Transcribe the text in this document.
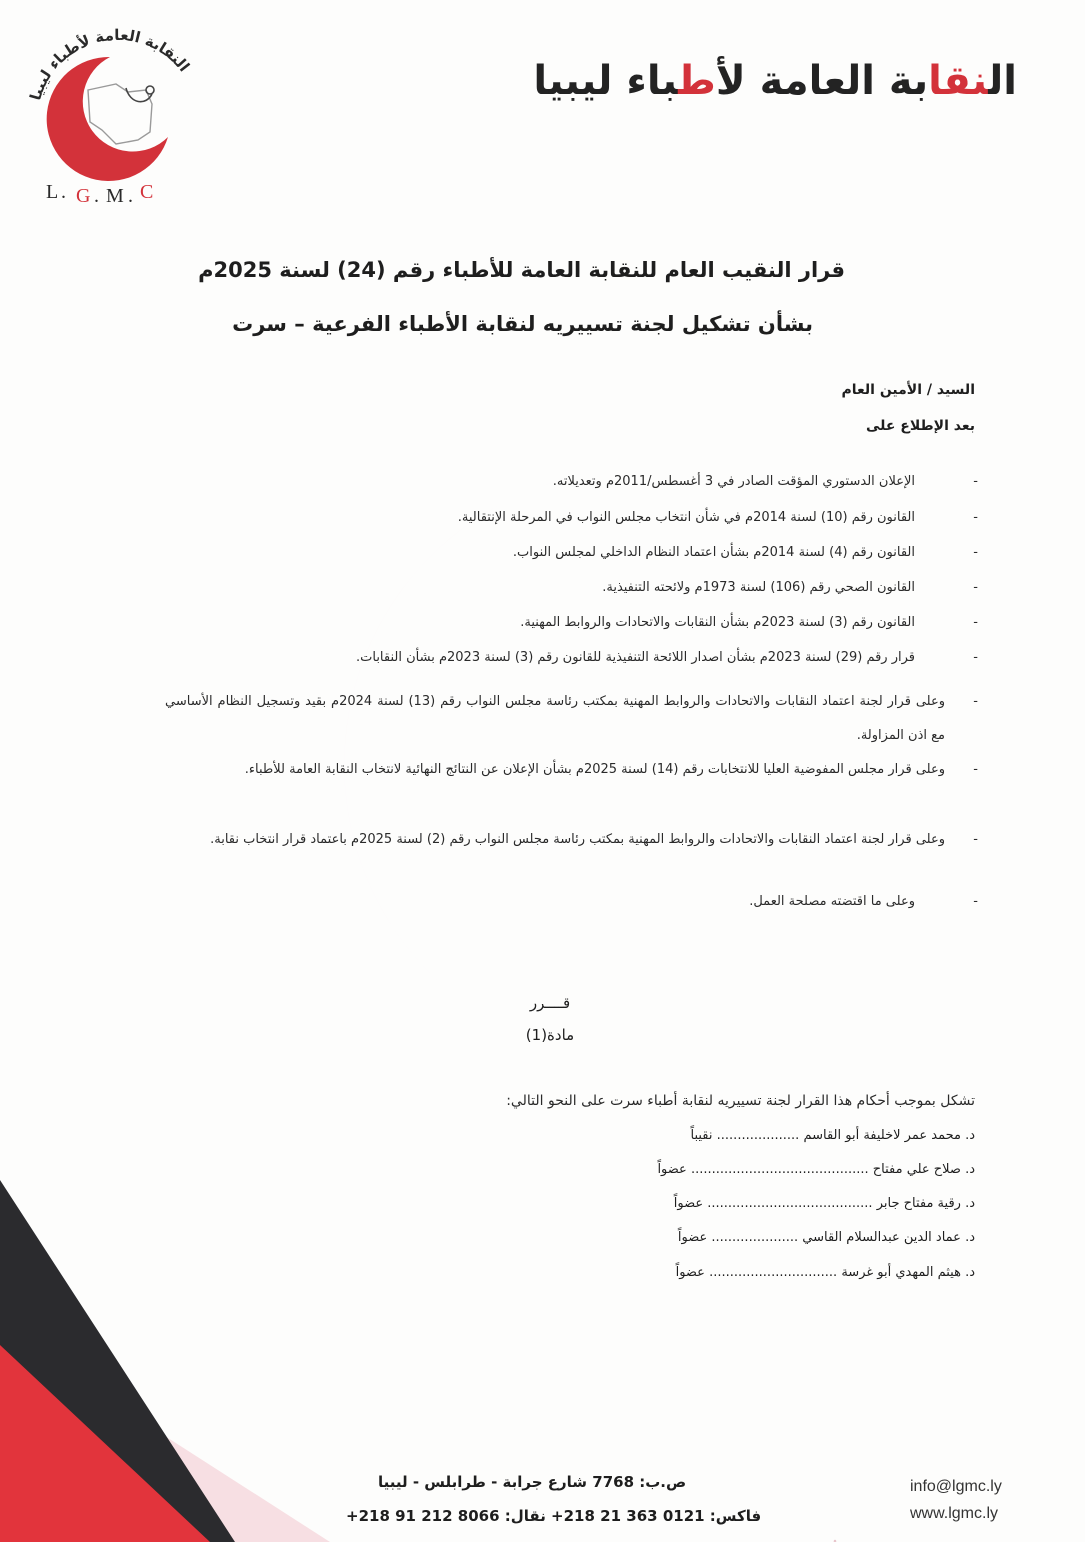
النقابة العامة لأطباء ليبيا
L . G . M . C
النقابة العامة لأطباء ليبيا
قرار النقيب العام للنقابة العامة للأطباء رقم (24) لسنة 2025م
بشأن تشكيل لجنة تسييريه لنقابة الأطباء الفرعية – سرت
السيد / الأمين العام
بعد الإطلاع على
-
الإعلان الدستوري المؤقت الصادر في 3 أغسطس/2011م وتعديلاته.
-
القانون رقم (10) لسنة 2014م في شأن انتخاب مجلس النواب في المرحلة الإنتقالية.
-
القانون رقم (4) لسنة 2014م بشأن اعتماد النظام الداخلي لمجلس النواب.
-
القانون الصحي رقم (106) لسنة 1973م ولائحته التنفيذية.
-
القانون رقم (3) لسنة 2023م بشأن النقابات والاتحادات والروابط المهنية.
-
قرار رقم (29) لسنة 2023م بشأن اصدار اللائحة التنفيذية للقانون رقم (3) لسنة 2023م بشأن النقابات.
-
وعلى قرار لجنة اعتماد النقابات والاتحادات والروابط المهنية بمكتب رئاسة مجلس النواب رقم (13) لسنة 2024م بقيد وتسجيل النظام الأساسي مع اذن المزاولة.
-
وعلى قرار مجلس المفوضية العليا للانتخابات رقم (14) لسنة 2025م بشأن الإعلان عن النتائج النهائية لانتخاب النقابة العامة للأطباء.
-
وعلى قرار لجنة اعتماد النقابات والاتحادات والروابط المهنية بمكتب رئاسة مجلس النواب رقم (2) لسنة 2025م باعتماد قرار انتخاب نقابة.
-
وعلى ما اقتضته مصلحة العمل.
قــــرر
مادة(1)
تشكل بموجب أحكام هذا القرار لجنة تسييريه لنقابة أطباء سرت على النحو التالي:
د. محمد عمر لاخليفة أبو القاسم .................... نقيباً
د. صلاح علي مفتاح ........................................... عضواً
د. رقية مفتاح جابر ........................................ عضواً
د. عماد الدين عبدالسلام القاسي ..................... عضواً
د. هيثم المهدي أبو غرسة ............................... عضواً
ص.ب: 7768 شارع جرابة - طرابلس - ليبيا
فاكس: 0121 363 21 218+ نقال: 8066 212 91 218+
info@lgmc.ly
www.lgmc.ly
